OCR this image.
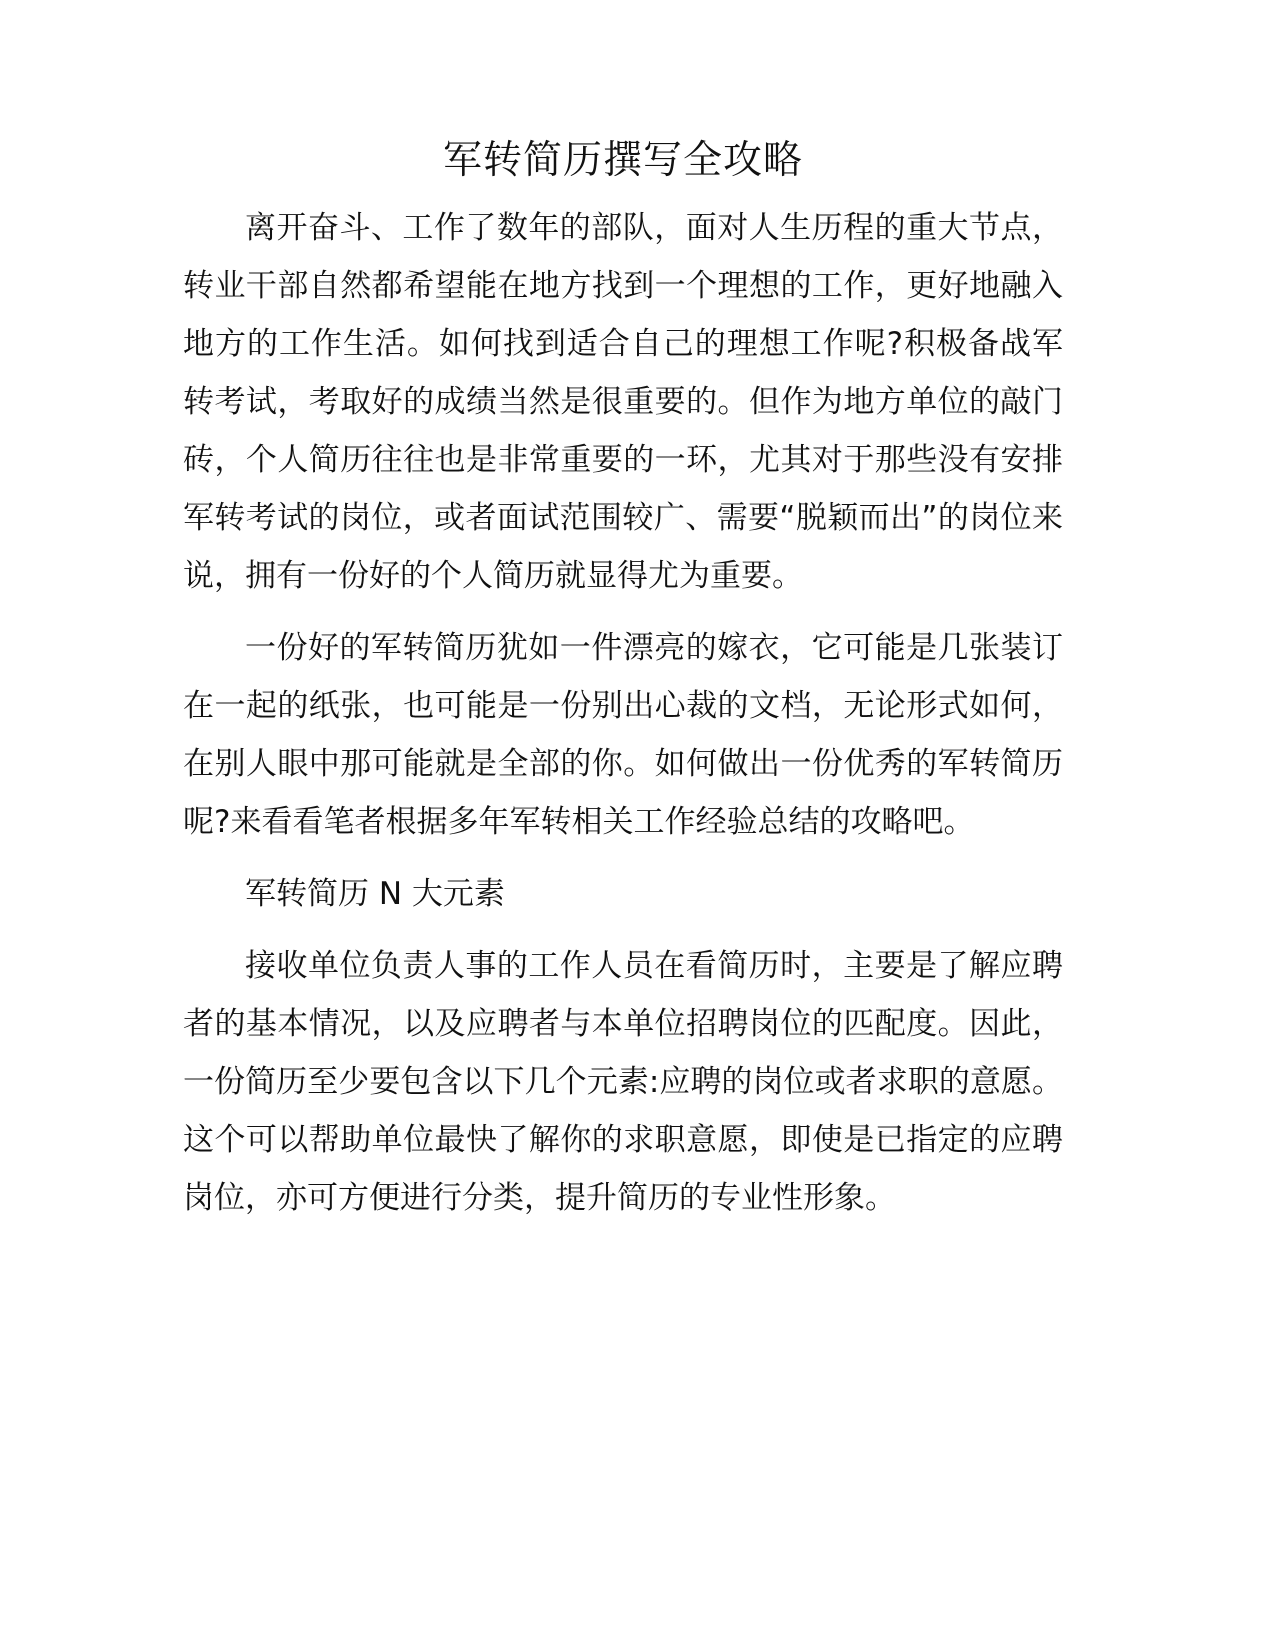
军转简历撰写全攻略

离开奋斗、工作了数年的部队，面对人生历程的重大节点，转业干部自然都希望能在地方找到一个理想的工作，更好地融入地方的工作生活。如何找到适合自己的理想工作呢?积极备战军转考试，考取好的成绩当然是很重要的。但作为地方单位的敲门砖，个人简历往往也是非常重要的一环，尤其对于那些没有安排军转考试的岗位，或者面试范围较广、需要“脱颖而出”的岗位来说，拥有一份好的个人简历就显得尤为重要。

一份好的军转简历犹如一件漂亮的嫁衣，它可能是几张装订在一起的纸张，也可能是一份别出心裁的文档，无论形式如何，在别人眼中那可能就是全部的你。如何做出一份优秀的军转简历呢?来看看笔者根据多年军转相关工作经验总结的攻略吧。

军转简历 N 大元素

接收单位负责人事的工作人员在看简历时，主要是了解应聘者的基本情况，以及应聘者与本单位招聘岗位的匹配度。因此，一份简历至少要包含以下几个元素:应聘的岗位或者求职的意愿。这个可以帮助单位最快了解你的求职意愿，即使是已指定的应聘岗位，亦可方便进行分类，提升简历的专业性形象。
